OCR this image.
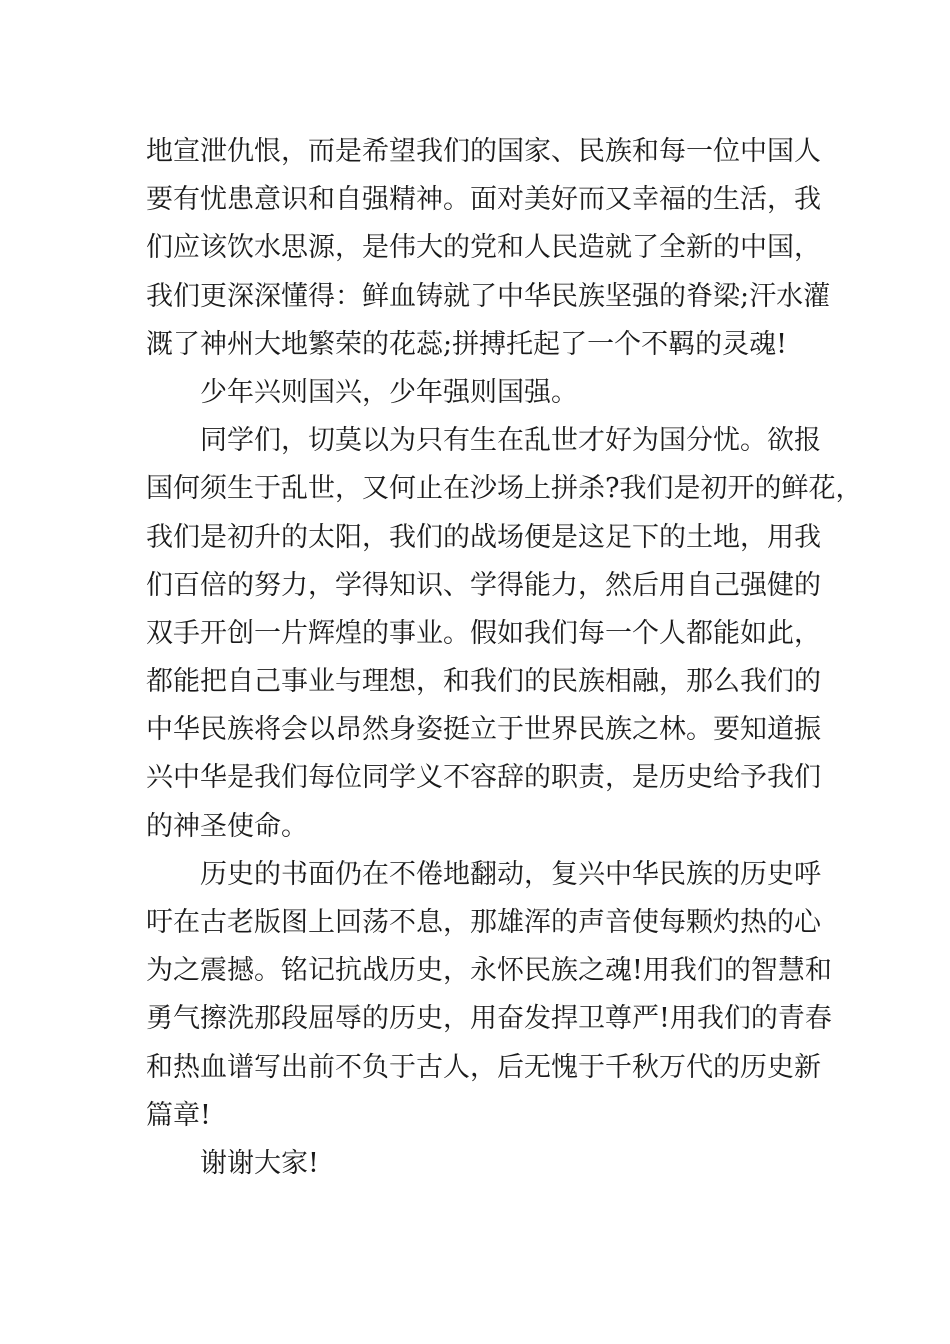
地宣泄仇恨，而是希望我们的国家、民族和每一位中国人
要有忧患意识和自强精神。面对美好而又幸福的生活，我
们应该饮水思源，是伟大的党和人民造就了全新的中国，
我们更深深懂得：鲜血铸就了中华民族坚强的脊梁;汗水灌
溉了神州大地繁荣的花蕊;拼搏托起了一个不羁的灵魂!
少年兴则国兴，少年强则国强。
同学们，切莫以为只有生在乱世才好为国分忧。欲报
国何须生于乱世，又何止在沙场上拼杀?我们是初开的鲜花，
我们是初升的太阳，我们的战场便是这足下的土地，用我
们百倍的努力，学得知识、学得能力，然后用自己强健的
双手开创一片辉煌的事业。假如我们每一个人都能如此，
都能把自己事业与理想，和我们的民族相融，那么我们的
中华民族将会以昂然身姿挺立于世界民族之林。要知道振
兴中华是我们每位同学义不容辞的职责，是历史给予我们
的神圣使命。
历史的书面仍在不倦地翻动，复兴中华民族的历史呼
吁在古老版图上回荡不息，那雄浑的声音使每颗灼热的心
为之震撼。铭记抗战历史，永怀民族之魂!用我们的智慧和
勇气擦洗那段屈辱的历史，用奋发捍卫尊严!用我们的青春
和热血谱写出前不负于古人，后无愧于千秋万代的历史新
篇章!
谢谢大家!
